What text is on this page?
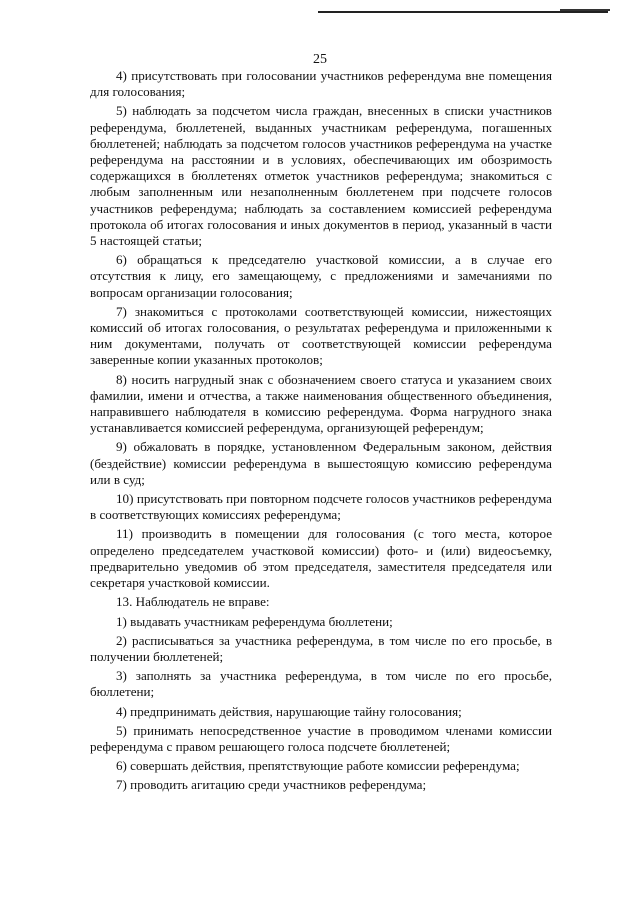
25

4) присутствовать при голосовании участников референдума вне помещения для голосования;

5) наблюдать за подсчетом числа граждан, внесенных в списки участников референдума, бюллетеней, выданных участникам референдума, погашенных бюллетеней; наблюдать за подсчетом голосов участников референдума на участке референдума на расстоянии и в условиях, обеспечивающих им обозримость содержащихся в бюллетенях отметок участников референдума; знакомиться с любым заполненным или незаполненным бюллетенем при подсчете голосов участников референдума; наблюдать за составлением комиссией референдума протокола об итогах голосования и иных документов в период, указанный в части 5 настоящей статьи;

6) обращаться к председателю участковой комиссии, а в случае его отсутствия к лицу, его замещающему, с предложениями и замечаниями по вопросам организации голосования;

7) знакомиться с протоколами соответствующей комиссии, нижестоящих комиссий об итогах голосования, о результатах референдума и приложенными к ним документами, получать от соответствующей комиссии референдума заверенные копии указанных протоколов;

8) носить нагрудный знак с обозначением своего статуса и указанием своих фамилии, имени и отчества, а также наименования общественного объединения, направившего наблюдателя в комиссию референдума. Форма нагрудного знака устанавливается комиссией референдума, организующей референдум;

9) обжаловать в порядке, установленном Федеральным законом, действия (бездействие) комиссии референдума в вышестоящую комиссию референдума или в суд;

10) присутствовать при повторном подсчете голосов участников референдума в соответствующих комиссиях референдума;

11) производить в помещении для голосования (с того места, которое определено председателем участковой комиссии) фото- и (или) видеосъемку, предварительно уведомив об этом председателя, заместителя председателя или секретаря участковой комиссии.

13. Наблюдатель не вправе:

1) выдавать участникам референдума бюллетени;

2) расписываться за участника референдума, в том числе по его просьбе, в получении бюллетеней;

3) заполнять за участника референдума, в том числе по его просьбе, бюллетени;

4) предпринимать действия, нарушающие тайну голосования;

5) принимать непосредственное участие в проводимом членами комиссии референдума с правом решающего голоса подсчете бюллетеней;

6) совершать действия, препятствующие работе комиссии референдума;

7) проводить агитацию среди участников референдума;
